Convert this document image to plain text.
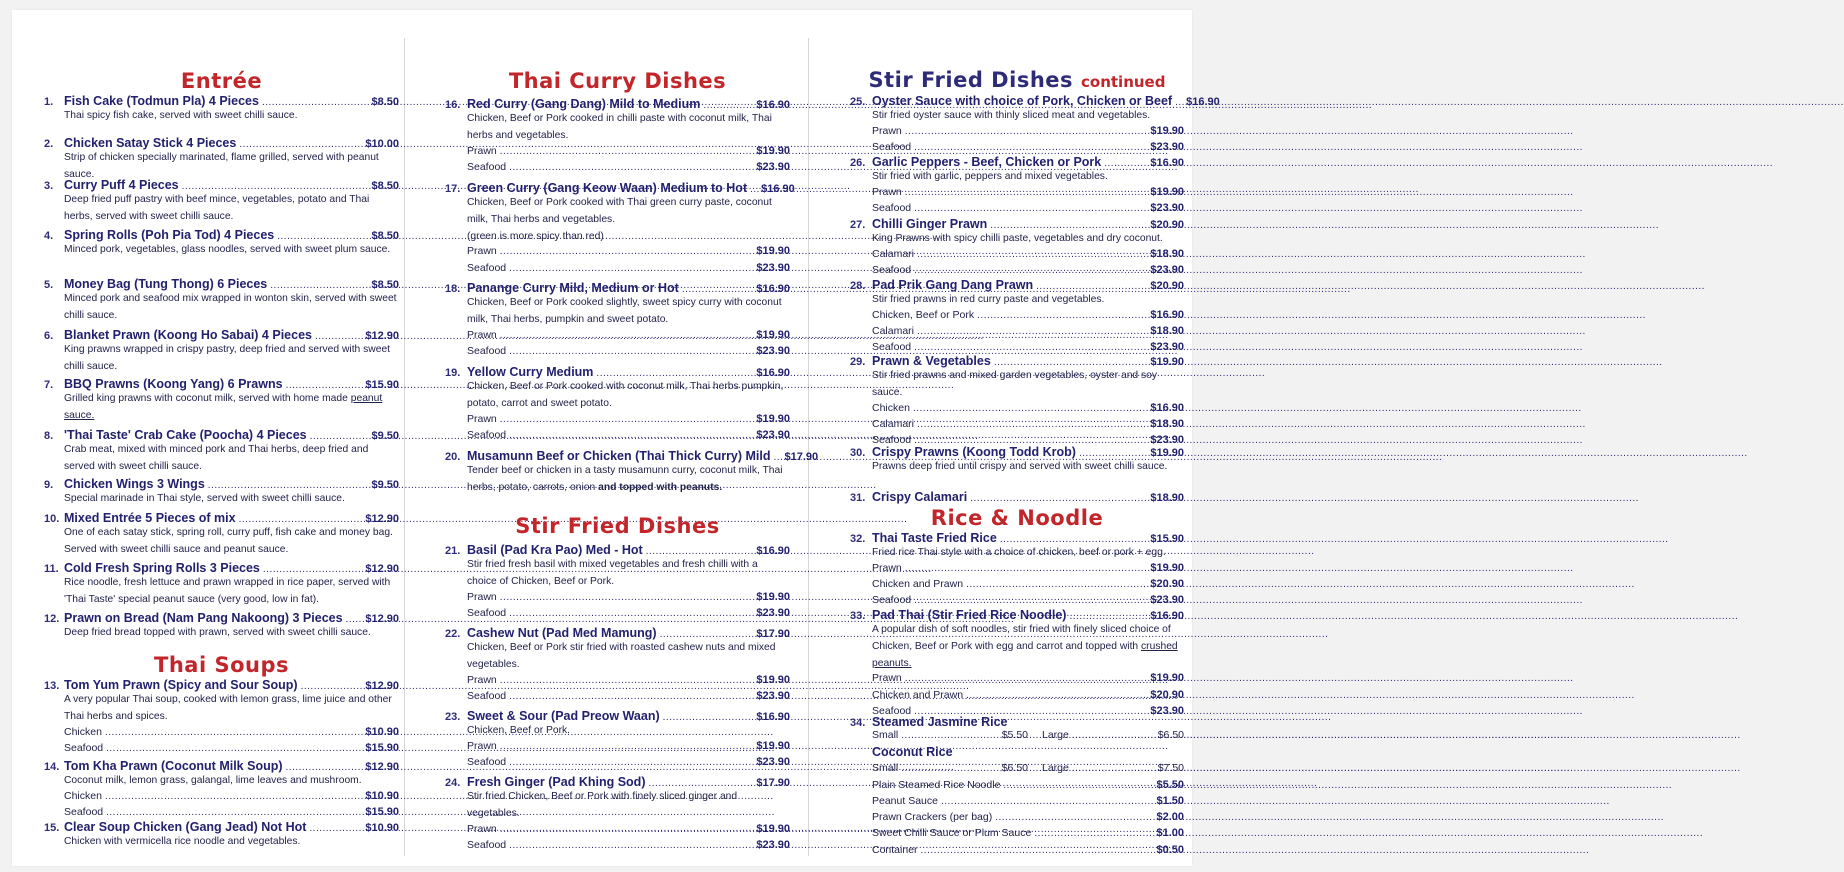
Entrée
1. Fish Cake (Todmun Pla) 4 Pieces .....	$8.50
Thai spicy fish cake, served with sweet chilli sauce.
2. Chicken Satay Stick 4 Pieces .....	$10.00
Strip of chicken specially marinated, flame grilled, served with peanut sauce.
3. Curry Puff 4 Pieces .....	$8.50
Deep fried puff pastry with beef mince, vegetables, potato and Thai herbs, served with sweet chilli sauce.
4. Spring Rolls (Poh Pia Tod) 4 Pieces .....	$8.50
Minced pork, vegetables, glass noodles, served with sweet plum sauce.
5. Money Bag (Tung Thong) 6 Pieces .....	$8.50
Minced pork and seafood mix wrapped in wonton skin, served with sweet chilli sauce.
6. Blanket Prawn (Koong Ho Sabai) 4 Pieces .....	$12.90
King prawns wrapped in crispy pastry, deep fried and served with sweet chilli sauce.
7. BBQ Prawns (Koong Yang) 6 Prawns .....	$15.90
Grilled king prawns with coconut milk, served with home made peanut sauce.
8. 'Thai Taste' Crab Cake (Poocha) 4 Pieces .....	$9.50
Crab meat, mixed with minced pork and Thai herbs, deep fried and served with sweet chilli sauce.
9. Chicken Wings 3 Wings .....	$9.50
Special marinade in Thai style, served with sweet chilli sauce.
10. Mixed Entrée 5 Pieces of mix .....	$12.90
One of each satay stick, spring roll, curry puff, fish cake and money bag. Served with sweet chilli sauce and peanut sauce.
11. Cold Fresh Spring Rolls 3 Pieces .....	$12.90
Rice noodle, fresh lettuce and prawn wrapped in rice paper, served with 'Thai Taste' special peanut sauce (very good, low in fat).
12. Prawn on Bread (Nam Pang Nakoong) 3 Pieces ..... $12.90
Deep fried bread topped with prawn, served with sweet chilli sauce.
Thai Soups
13. Tom Yum Prawn (Spicy and Sour Soup) .....	$12.90
A very popular Thai soup, cooked with lemon grass, lime juice and other Thai herbs and spices.
Chicken .....	$10.90
Seafood .....	$15.90
14. Tom Kha Prawn (Coconut Milk Soup) .....	$12.90
Coconut milk, lemon grass, galangal, lime leaves and mushroom.
Chicken .....	$10.90
Seafood .....	$15.90
15. Clear Soup Chicken (Gang Jead) Not Hot .....	$10.90
Chicken with vermicella rice noodle and vegetables.
Thai Curry Dishes
16. Red Curry (Gang Dang) Mild to Medium .....	$16.90
Chicken, Beef or Pork cooked in chilli paste with coconut milk, Thai herbs and vegetables.
Prawn .....	$19.90
Seafood .....	$23.90
17. Green Curry (Gang Keow Waan) Medium to Hot ..... $16.90
Chicken, Beef or Pork cooked with Thai green curry paste, coconut milk, Thai herbs and vegetables.
(green is more spicy than red)
Prawn .....	$19.90
Seafood .....	$23.90
18. Panange Curry Mild, Medium or Hot .....	$16.90
Chicken, Beef or Pork cooked slightly, sweet spicy curry with coconut milk, Thai herbs, pumpkin and sweet potato.
Prawn .....	$19.90
Seafood .....	$23.90
19. Yellow Curry Medium .....	$16.90
Chicken, Beef or Pork cooked with coconut milk, Thai herbs pumpkin, potato, carrot and sweet potato.
Prawn .....	$19.90
Seafood .....	$23.90
20. Musamunn Beef or Chicken (Thai Thick Curry) Mild ..... $17.90
Tender beef or chicken in a tasty musamunn curry, coconut milk, Thai herbs, potato, carrots, onion and topped with peanuts.
Stir Fried Dishes
21. Basil (Pad Kra Pao) Med - Hot .....	$16.90
Stir fried fresh basil with mixed vegetables and fresh chilli with a choice of Chicken, Beef or Pork.
Prawn .....	$19.90
Seafood .....	$23.90
22. Cashew Nut (Pad Med Mamung) .....	$17.90
Chicken, Beef or Pork stir fried with roasted cashew nuts and mixed vegetables.
Prawn .....	$19.90
Seafood .....	$23.90
23. Sweet & Sour (Pad Preow Waan) .....	$16.90
Chicken, Beef or Pork.
Prawn .....	$19.90
Seafood .....	$23.90
24. Fresh Ginger (Pad Khing Sod) .....	$17.90
Stir fried Chicken, Beef or Pork with finely sliced ginger and vegetables.
Prawn .....	$19.90
Seafood .....	$23.90
Stir Fried Dishes continued
25. Oyster Sauce with choice of Pork, Chicken or Beef ..... $16.90
Stir fried oyster sauce with thinly sliced meat and vegetables.
Prawn .....	$19.90
Seafood .....	$23.90
26. Garlic Peppers - Beef, Chicken or Pork .....	$16.90
Stir fried with garlic, peppers and mixed vegetables.
Prawn .....	$19.90
Seafood .....	$23.90
27. Chilli Ginger Prawn .....	$20.90
King Prawns with spicy chilli paste, vegetables and dry coconut.
Calamari .....	$18.90
Seafood .....	$23.90
28. Pad Prik Gang Dang Prawn .....	$20.90
Stir fried prawns in red curry paste and vegetables.
Chicken, Beef or Pork .....	$16.90
Calamari .....	$18.90
Seafood .....	$23.90
29. Prawn & Vegetables .....	$19.90
Stir fried prawns and mixed garden vegetables, oyster and soy sauce.
Chicken .....	$16.90
Calamari .....	$18.90
Seafood .....	$23.90
30. Crispy Prawns (Koong Todd Krob) .....	$19.90
Prawns deep fried until crispy and served with sweet chilli sauce.
31. Crispy Calamari .....	$18.90
Rice & Noodle
32. Thai Taste Fried Rice .....	$15.90
Fried rice Thai style with a choice of chicken, beef or pork + egg.
Prawn .....	$19.90
Chicken and Prawn .....	$20.90
Seafood .....	$23.90
33. Pad Thai (Stir Fried Rice Noodle) .....	$16.90
A popular dish of soft noodles, stir fried with finely sliced choice of Chicken, Beef or Pork with egg and carrot and topped with crushed peanuts.
Prawn .....	$19.90
Chicken and Prawn .....	$20.90
Seafood .....	$23.90
34. Steamed Jasmine Rice
Small .....	$5.50 Large .....	$6.50
Coconut Rice
Small .....	$6.50 Large .....	$7.50
Plain Steamed Rice Noodle .....	$5.50
Peanut Sauce .....	$1.50
Prawn Crackers (per bag) .....	$2.00
Sweet Chilli Sauce or Plum Sauce .....	$1.00
Container .....	$0.50
